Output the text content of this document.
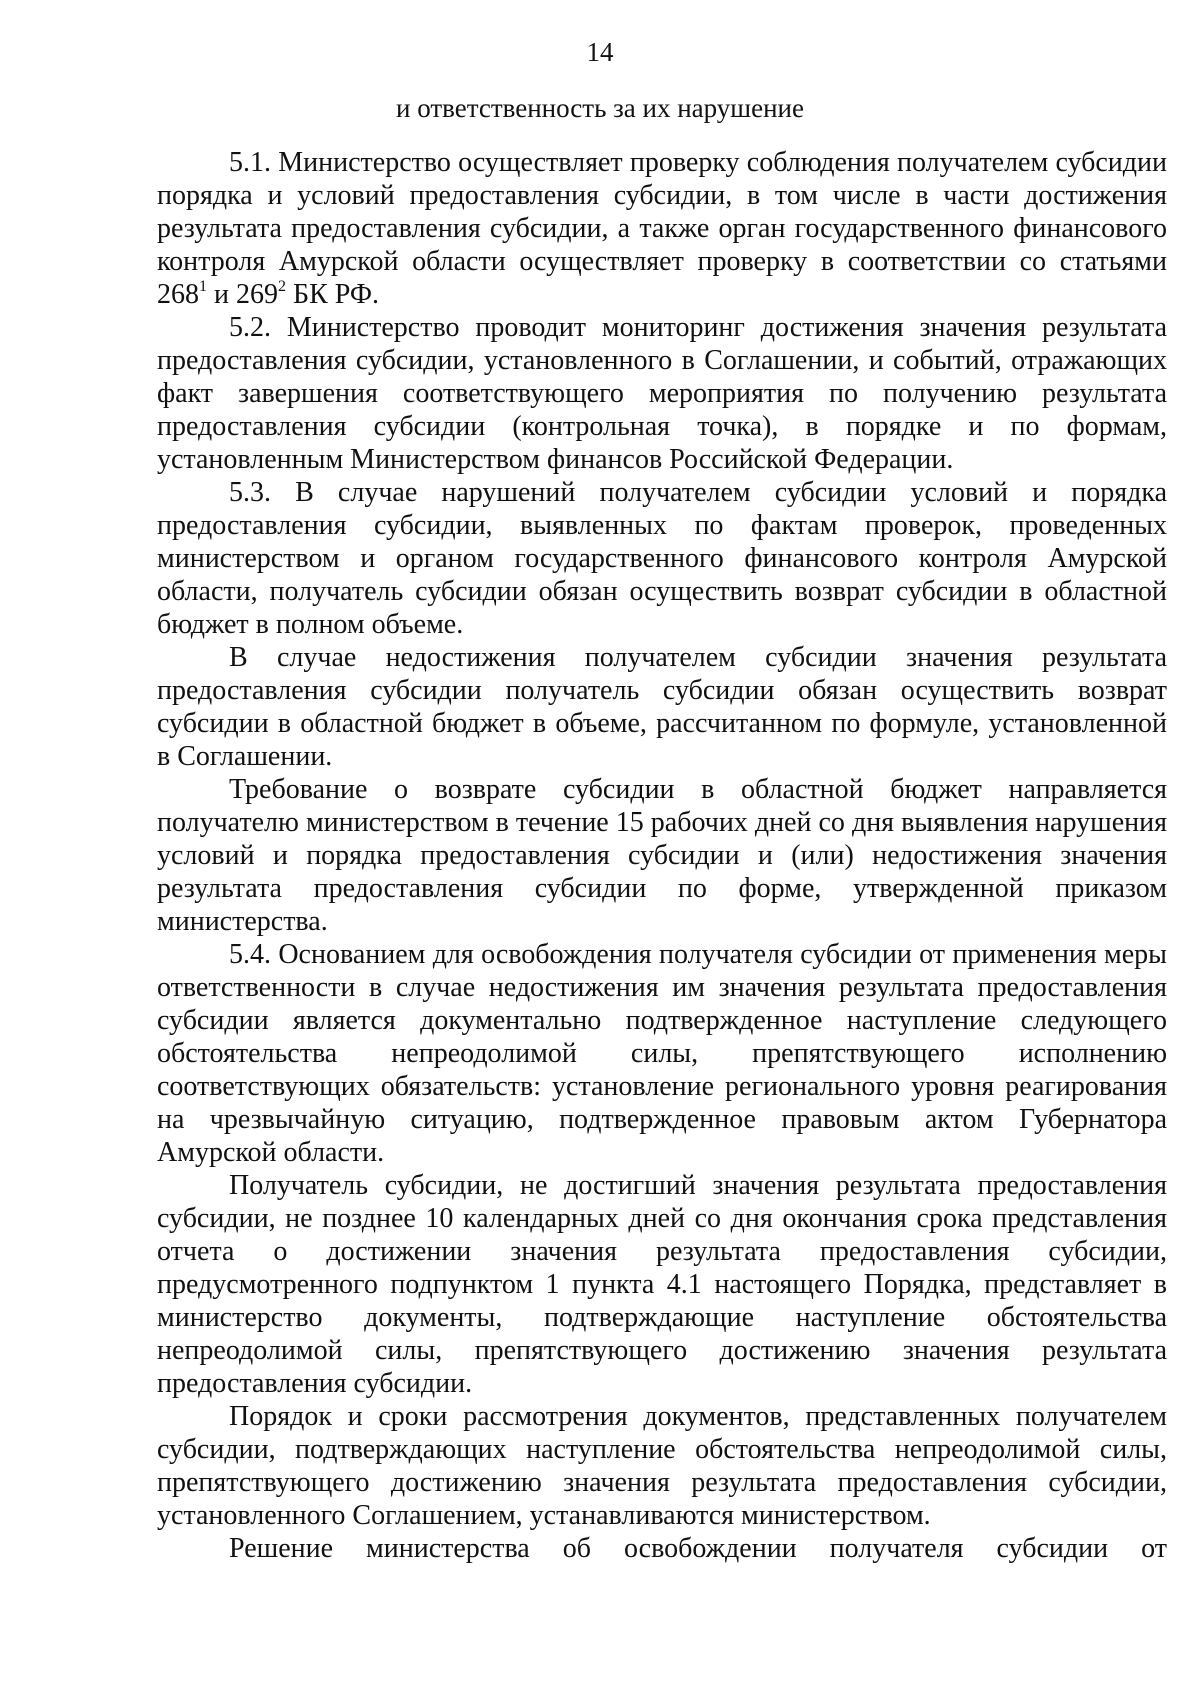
14
и ответственность за их нарушение

5.1. Министерство осуществляет проверку соблюдения получателем субсидии порядка и условий предоставления субсидии, в том числе в части достижения результата предоставления субсидии, а также орган государственного финансового контроля Амурской области осуществляет проверку в соответствии со статьями $268^1$ и $269^2$ БК РФ.

5.2. Министерство проводит мониторинг достижения значения результата предоставления субсидии, установленного в Соглашении, и событий, отражающих факт завершения соответствующего мероприятия по получению результата предоставления субсидии (контрольная точка), в порядке и по формам, установленным Министерством финансов Российской Федерации.

5.3. В случае нарушений получателем субсидии условий и порядка предоставления субсидии, выявленных по фактам проверок, проведенных министерством и органом государственного финансового контроля Амурской области, получатель субсидии обязан осуществить возврат субсидии в областной бюджет в полном объеме.

В случае недостижения получателем субсидии значения результата предоставления субсидии получатель субсидии обязан осуществить возврат субсидии в областной бюджет в объеме, рассчитанном по формуле, установленной в Соглашении.

Требование о возврате субсидии в областной бюджет направляется получателю министерством в течение 15 рабочих дней со дня выявления нарушения условий и порядка предоставления субсидии и (или) недостижения значения результата предоставления субсидии по форме, утвержденной приказом министерства.

5.4. Основанием для освобождения получателя субсидии от применения меры ответственности в случае недостижения им значения результата предоставления субсидии является документально подтвержденное наступление следующего обстоятельства непреодолимой силы, препятствующего исполнению соответствующих обязательств: установление регионального уровня реагирования на чрезвычайную ситуацию, подтвержденное правовым актом Губернатора Амурской области.

Получатель субсидии, не достигший значения результата предоставления субсидии, не позднее 10 календарных дней со дня окончания срока представления отчета о достижении значения результата предоставления субсидии, предусмотренного подпунктом 1 пункта 4.1 настоящего Порядка, представляет в министерство документы, подтверждающие наступление обстоятельства непреодолимой силы, препятствующего достижению значения результата предоставления субсидии.

Порядок и сроки рассмотрения документов, представленных получателем субсидии, подтверждающих наступление обстоятельства непреодолимой силы, препятствующего достижению значения результата предоставления субсидии, установленного Соглашением, устанавливаются министерством.

Решение министерства об освобождении получателя субсидии от
